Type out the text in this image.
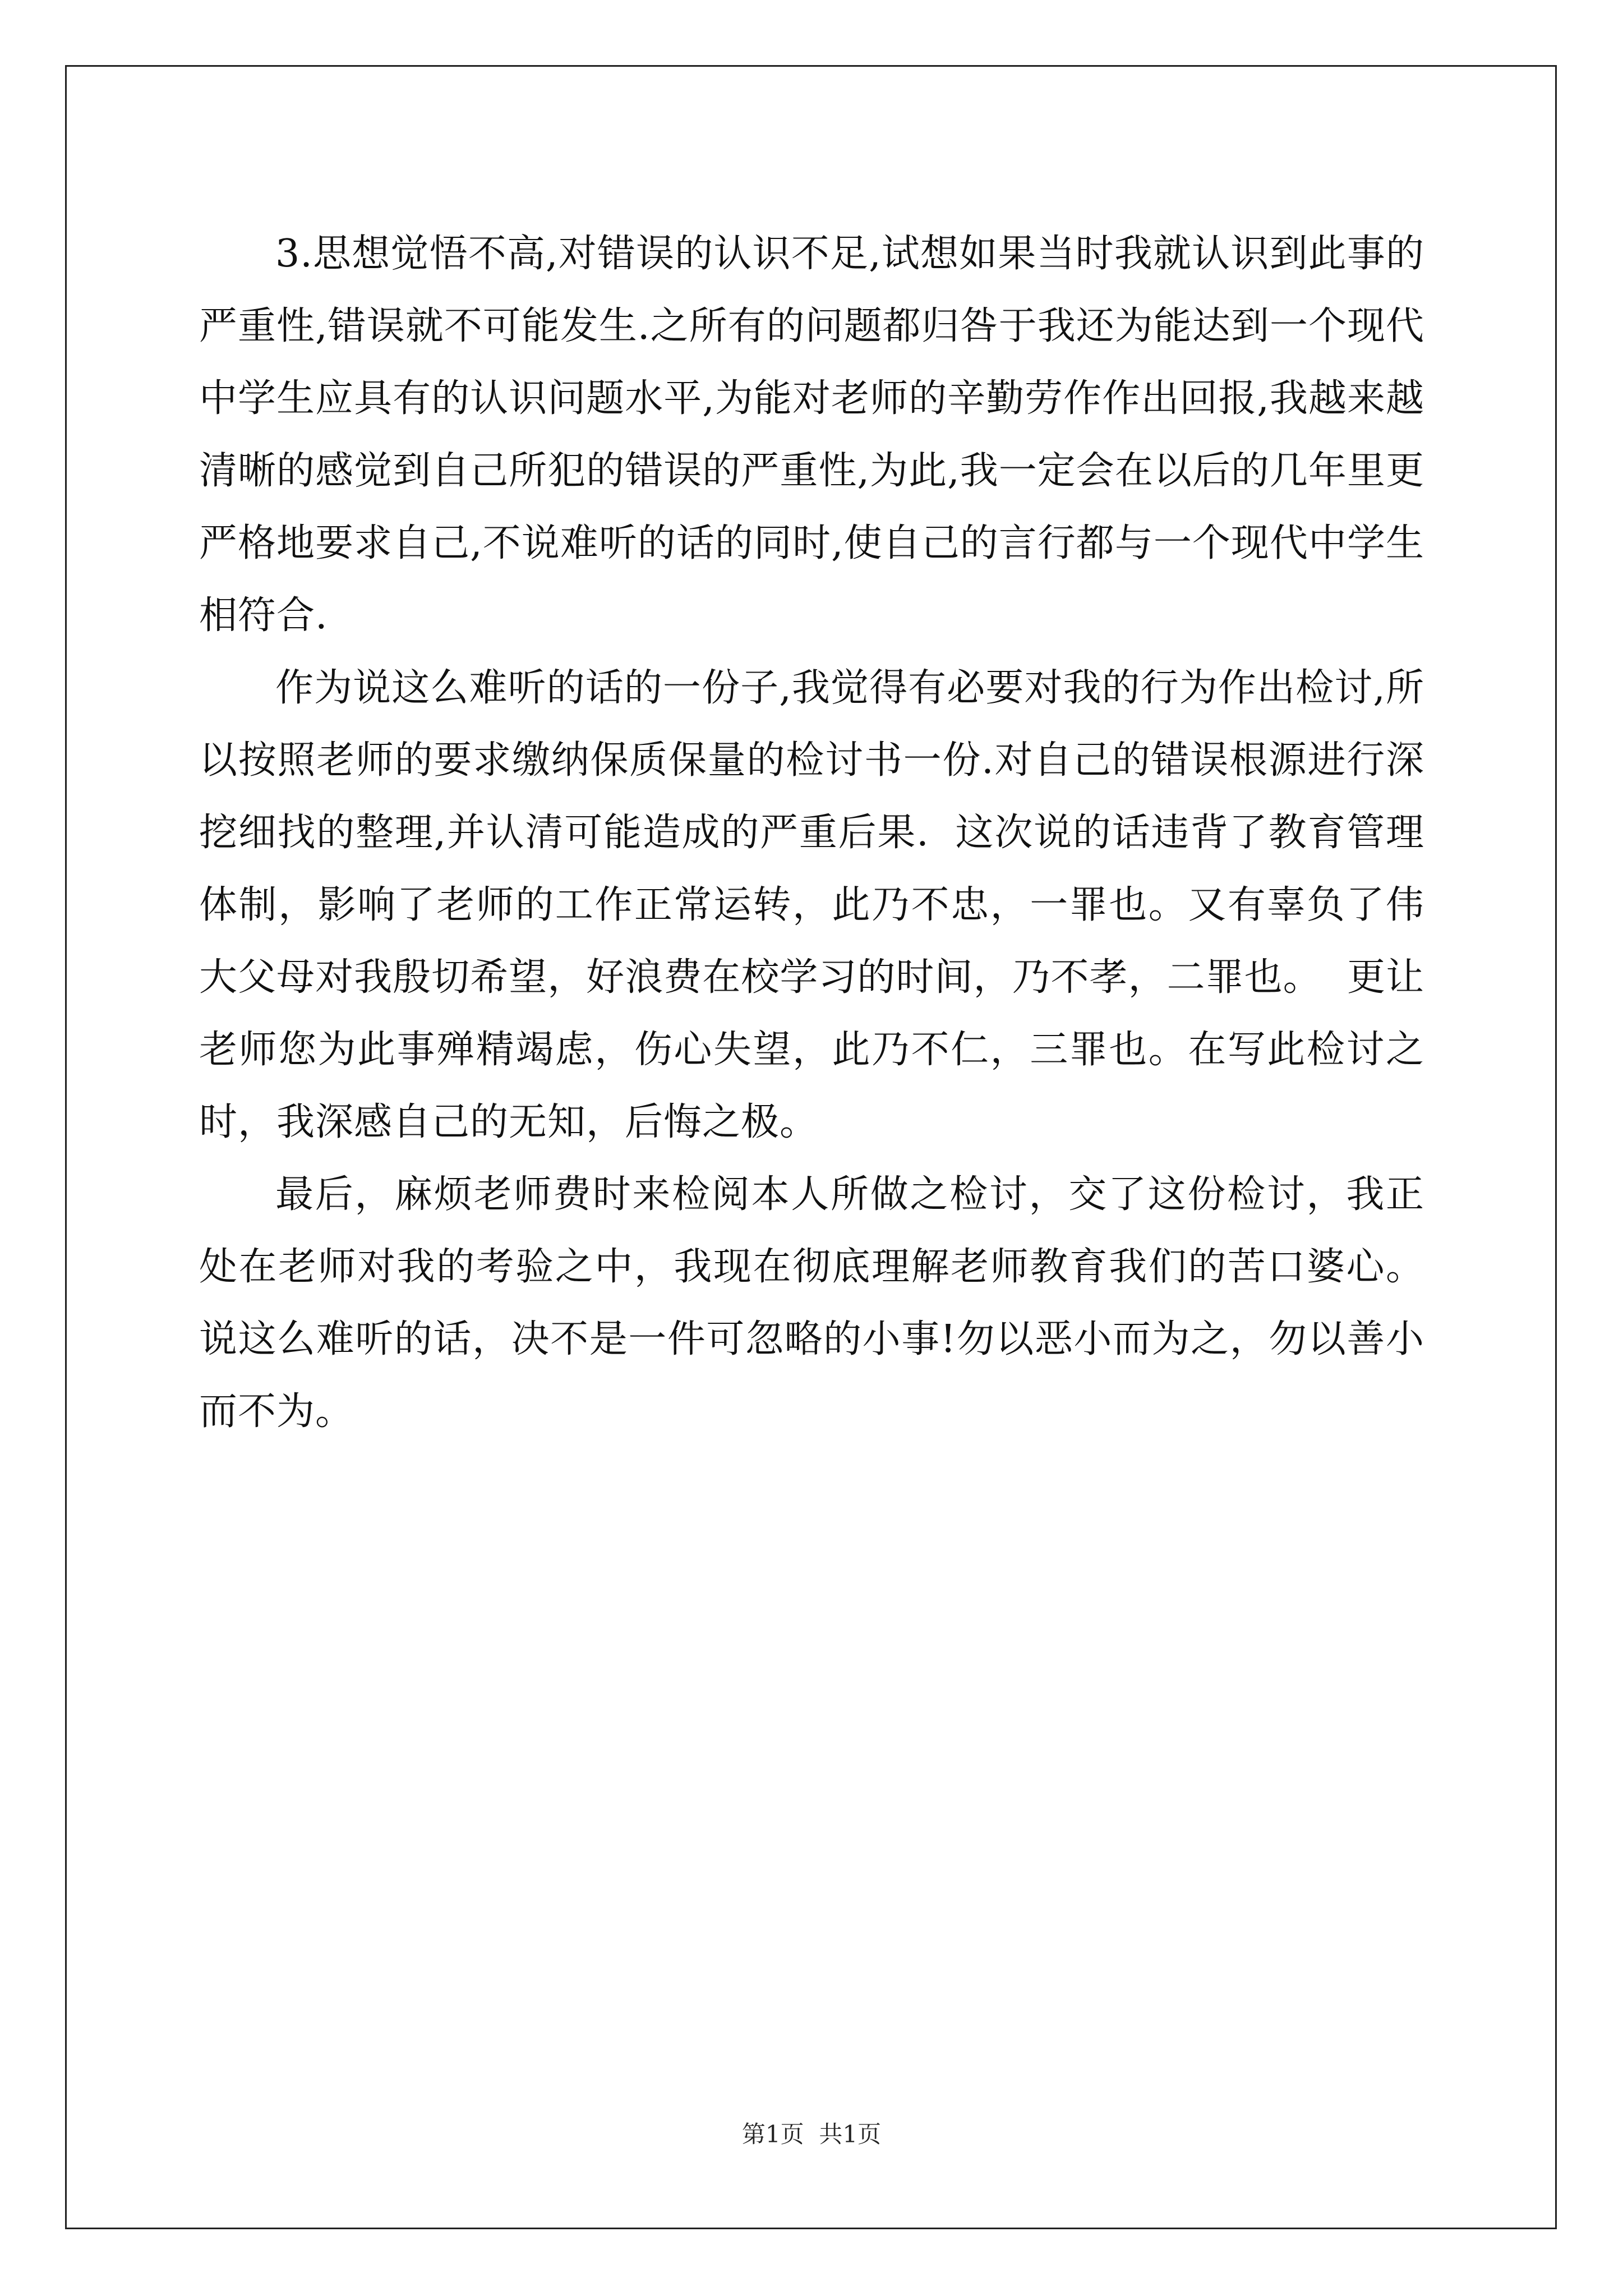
3.思想觉悟不高,对错误的认识不足,试想如果当时我就认识到此事的严重性,错误就不可能发生.之所有的问题都归咎于我还为能达到一个现代中学生应具有的认识问题水平,为能对老师的辛勤劳作作出回报,我越来越清晰的感觉到自己所犯的错误的严重性,为此,我一定会在以后的几年里更严格地要求自己,不说难听的话的同时,使自己的言行都与一个现代中学生相符合.

作为说这么难听的话的一份子,我觉得有必要对我的行为作出检讨,所以按照老师的要求缴纳保质保量的检讨书一份.对自己的错误根源进行深挖细找的整理,并认清可能造成的严重后果.  这次说的话违背了教育管理体制，影响了老师的工作正常运转，此乃不忠，一罪也。又有辜负了伟大父母对我殷切希望，好浪费在校学习的时间，乃不孝，二罪也。  更让老师您为此事殚精竭虑，伤心失望，此乃不仁，三罪也。在写此检讨之时，我深感自己的无知，后悔之极。

最后，麻烦老师费时来检阅本人所做之检讨，交了这份检讨，我正处在老师对我的考验之中，我现在彻底理解老师教育我们的苦口婆心。说这么难听的话，决不是一件可忽略的小事!勿以恶小而为之，勿以善小而不为。

第1页  共1页
